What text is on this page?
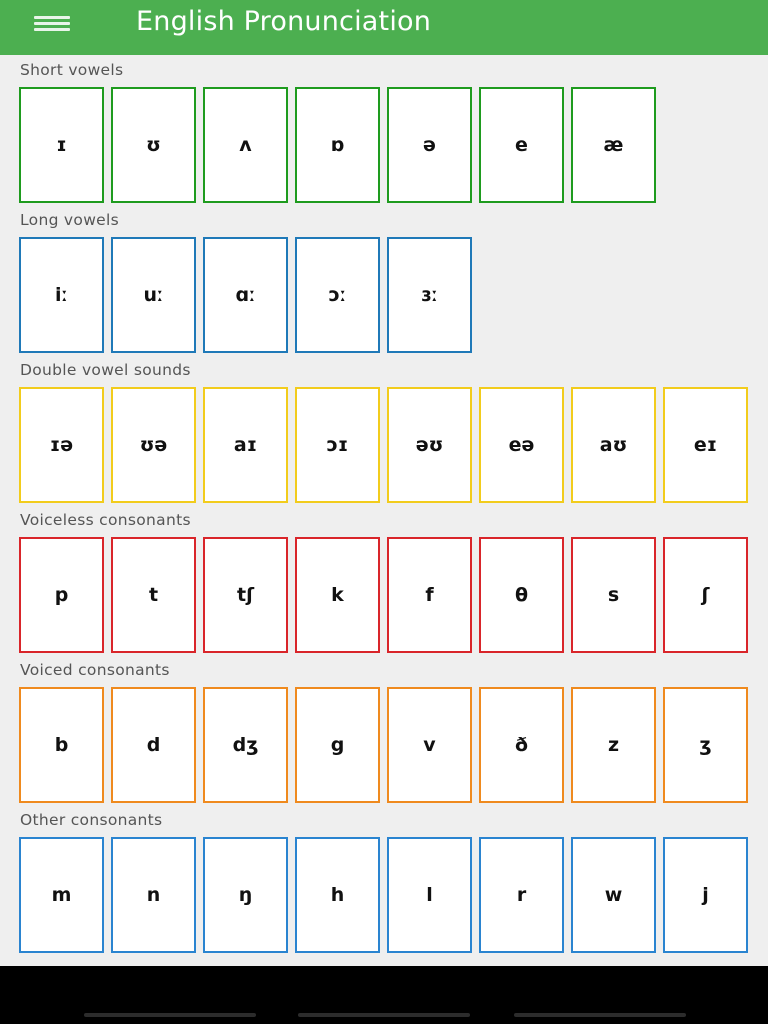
English Pronunciation
Short vowels
ɪ	ʊ	ʌ	ɒ	ə	e	æ
Long vowels
iː	uː	ɑː	ɔː	ɜː
Double vowel sounds
ɪə	ʊə	aɪ	ɔɪ	əʊ	eə	aʊ	eɪ
Voiceless consonants
p	t	tʃ	k	f	θ	s	ʃ
Voiced consonants
b	d	dʒ	g	v	ð	z	ʒ
Other consonants
m	n	ŋ	h	l	r	w	j
